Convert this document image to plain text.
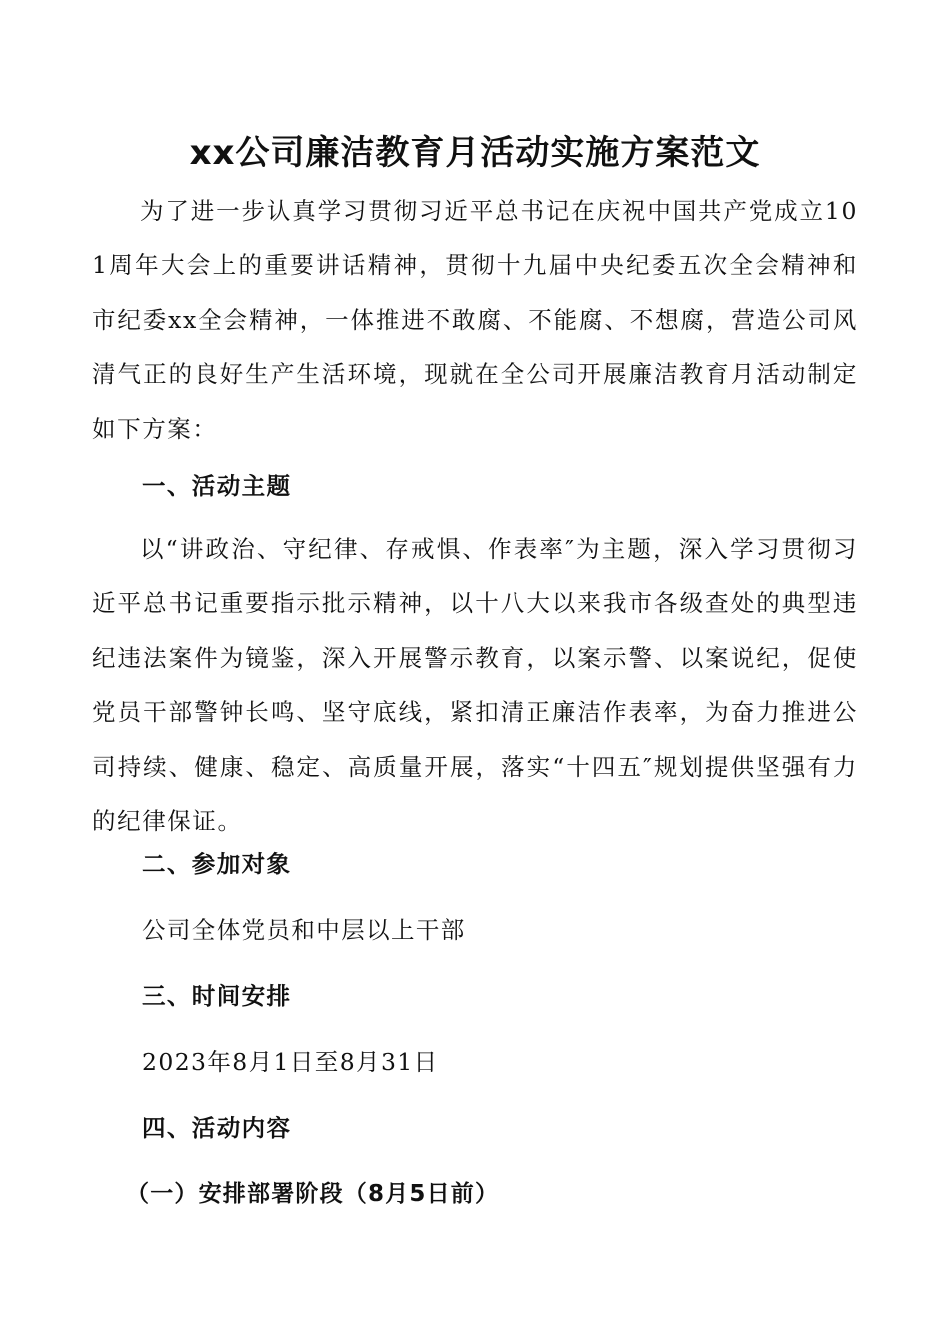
xx公司廉洁教育月活动实施方案范文

为了进一步认真学习贯彻习近平总书记在庆祝中国共产党成立101周年大会上的重要讲话精神，贯彻十九届中央纪委五次全会精神和市纪委xx全会精神，一体推进不敢腐、不能腐、不想腐，营造公司风清气正的良好生产生活环境，现就在全公司开展廉洁教育月活动制定如下方案：

一、活动主题

以“讲政治、守纪律、存戒惧、作表率″为主题，深入学习贯彻习近平总书记重要指示批示精神，以十八大以来我市各级查处的典型违纪违法案件为镜鉴，深入开展警示教育，以案示警、以案说纪，促使党员干部警钟长鸣、坚守底线，紧扣清正廉洁作表率，为奋力推进公司持续、健康、稳定、高质量开展，落实“十四五″规划提供坚强有力的纪律保证。

二、参加对象

公司全体党员和中层以上干部

三、时间安排

2023年8月1日至8月31日

四、活动内容
（一）安排部署阶段（8月5日前）
